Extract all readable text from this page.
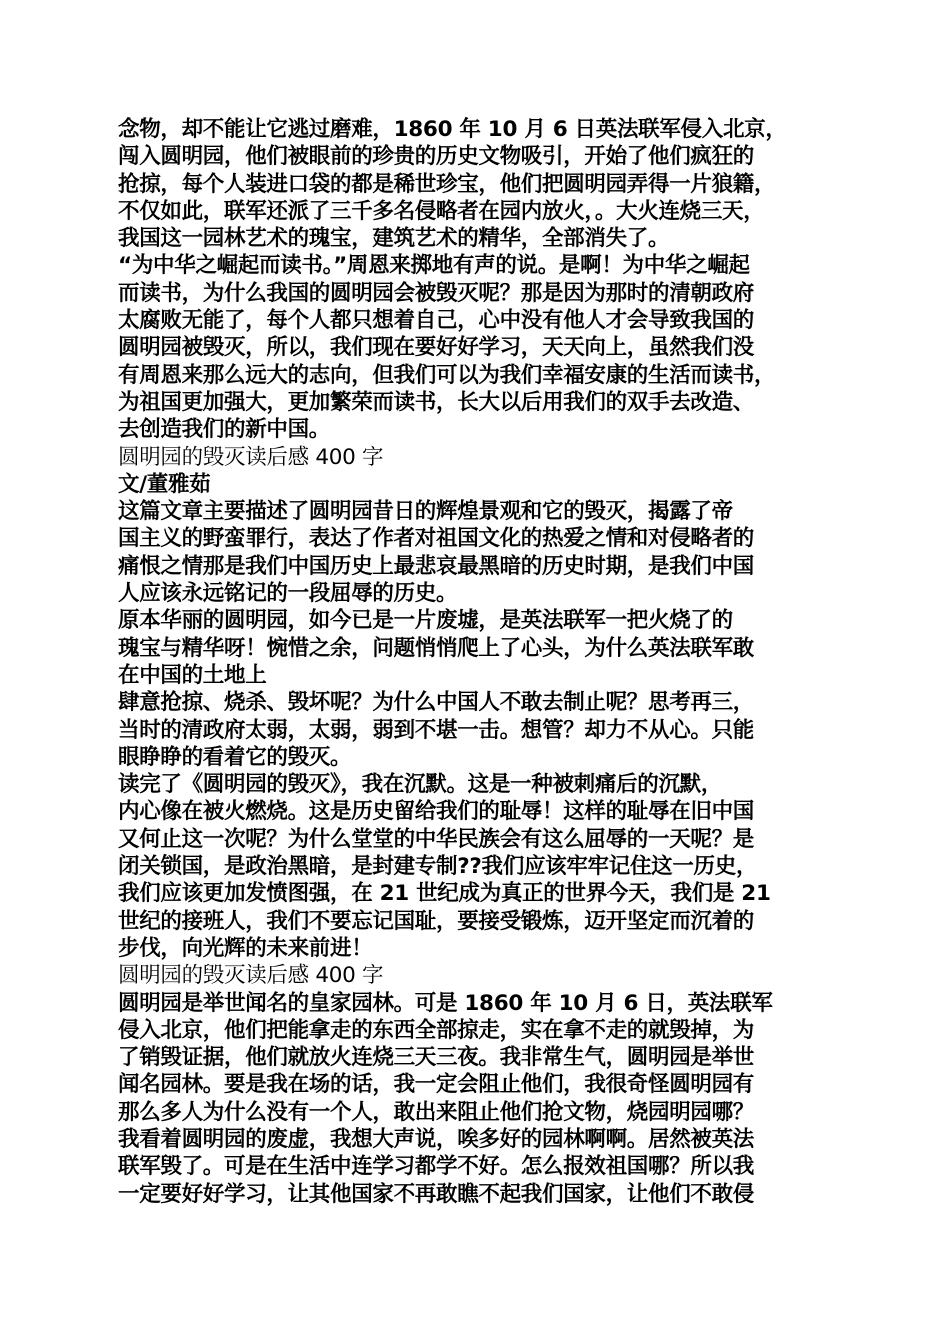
念物，却不能让它逃过磨难，1860 年 10 月 6 日英法联军侵入北京，
闯入圆明园，他们被眼前的珍贵的历史文物吸引，开始了他们疯狂的
抢掠，每个人装进口袋的都是稀世珍宝，他们把圆明园弄得一片狼籍，
不仅如此，联军还派了三千多名侵略者在园内放火，。大火连烧三天，
我国这一园林艺术的瑰宝，建筑艺术的精华，全部消失了。
“为中华之崛起而读书。”周恩来掷地有声的说。是啊！为中华之崛起
而读书，为什么我国的圆明园会被毁灭呢？那是因为那时的清朝政府
太腐败无能了，每个人都只想着自己，心中没有他人才会导致我国的
圆明园被毁灭，所以，我们现在要好好学习，天天向上，虽然我们没
有周恩来那么远大的志向，但我们可以为我们幸福安康的生活而读书，
为祖国更加强大，更加繁荣而读书，长大以后用我们的双手去改造、
去创造我们的新中国。
圆明园的毁灭读后感 400 字
文/董雅茹
这篇文章主要描述了圆明园昔日的辉煌景观和它的毁灭，揭露了帝
国主义的野蛮罪行，表达了作者对祖国文化的热爱之情和对侵略者的
痛恨之情那是我们中国历史上最悲哀最黑暗的历史时期，是我们中国
人应该永远铭记的一段屈辱的历史。
原本华丽的圆明园，如今已是一片废墟，是英法联军一把火烧了的
瑰宝与精华呀！惋惜之余，问题悄悄爬上了心头，为什么英法联军敢
在中国的土地上
肆意抢掠、烧杀、毁坏呢？为什么中国人不敢去制止呢？思考再三，
当时的清政府太弱，太弱，弱到不堪一击。想管？却力不从心。只能
眼睁睁的看着它的毁灭。
读完了《圆明园的毁灭》，我在沉默。这是一种被刺痛后的沉默，
内心像在被火燃烧。这是历史留给我们的耻辱！这样的耻辱在旧中国
又何止这一次呢？为什么堂堂的中华民族会有这么屈辱的一天呢？是
闭关锁国，是政治黑暗，是封建专制??我们应该牢牢记住这一历史，
我们应该更加发愤图强，在 21 世纪成为真正的世界今天，我们是 21
世纪的接班人，我们不要忘记国耻，要接受锻炼，迈开坚定而沉着的
步伐，向光辉的未来前进！
圆明园的毁灭读后感 400 字
圆明园是举世闻名的皇家园林。可是 1860 年 10 月 6 日，英法联军
侵入北京，他们把能拿走的东西全部掠走，实在拿不走的就毁掉，为
了销毁证据，他们就放火连烧三天三夜。我非常生气，圆明园是举世
闻名园林。要是我在场的话，我一定会阻止他们，我很奇怪圆明园有
那么多人为什么没有一个人，敢出来阻止他们抢文物，烧园明园哪？
我看着圆明园的废虚，我想大声说，唉多好的园林啊啊。居然被英法
联军毁了。可是在生活中连学习都学不好。怎么报效祖国哪？所以我
一定要好好学习，让其他国家不再敢瞧不起我们国家，让他们不敢侵
